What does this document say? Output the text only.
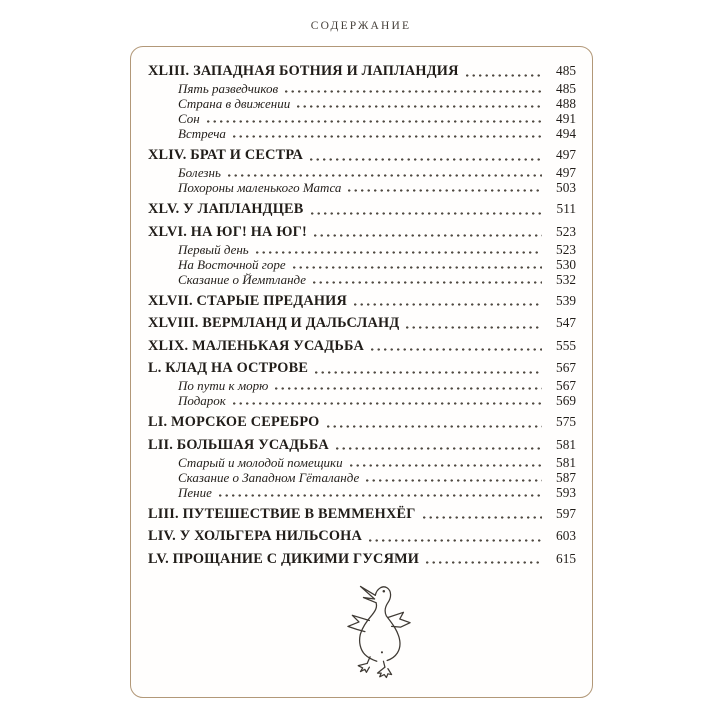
СОДЕРЖАНИЕ
XLIII. ЗАПАДНАЯ БОТНИЯ И ЛАПЛАНДИЯ	485
Пять разведчиков	485
Страна в движении	488
Сон	491
Встреча	494
XLIV. БРАТ И СЕСТРА	497
Болезнь	497
Похороны маленького Матса	503
XLV. У ЛАПЛАНДЦЕВ	511
XLVI. НА ЮГ! НА ЮГ!	523
Первый день	523
На Восточной горе	530
Сказание о Йемтланде	532
XLVII. СТАРЫЕ ПРЕДАНИЯ	539
XLVIII. ВЕРМЛАНД И ДАЛЬСЛАНД	547
XLIX. МАЛЕНЬКАЯ УСАДЬБА	555
L. КЛАД НА ОСТРОВЕ	567
По пути к морю	567
Подарок	569
LI. МОРСКОЕ СЕРЕБРО	575
LII. БОЛЬШАЯ УСАДЬБА	581
Старый и молодой помещики	581
Сказание о Западном Гёталанде	587
Пение	593
LIII. ПУТЕШЕСТВИЕ В ВЕММЕНХЁГ	597
LIV. У ХОЛЬГЕРА НИЛЬСОНА	603
LV. ПРОЩАНИЕ С ДИКИМИ ГУСЯМИ	615
